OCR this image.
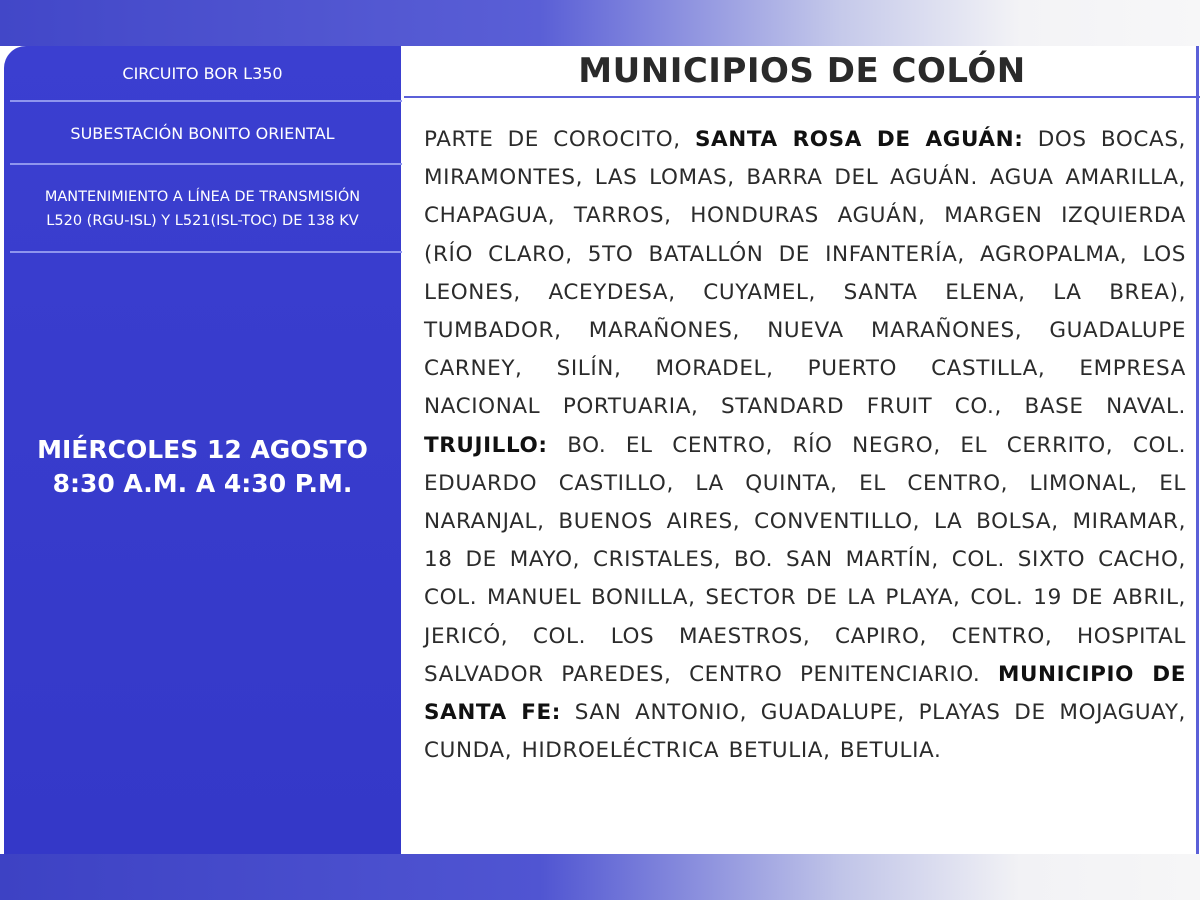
CIRCUITO BOR L350
SUBESTACIÓN BONITO ORIENTAL
MANTENIMIENTO A LÍNEA DE TRANSMISIÓN L520 (RGU-ISL) Y L521(ISL-TOC) DE 138 KV
MIÉRCOLES 12 AGOSTO
8:30 A.M. A 4:30 P.M.
MUNICIPIOS DE COLÓN
PARTE DE COROCITO, SANTA ROSA DE AGUÁN: DOS BOCAS, MIRAMONTES, LAS LOMAS, BARRA DEL AGUÁN. AGUA AMARILLA, CHAPAGUA, TARROS, HONDURAS AGUÁN, MARGEN IZQUIERDA (RÍO CLARO, 5TO BATALLÓN DE INFANTERÍA, AGROPALMA, LOS LEONES, ACEYDESA, CUYAMEL, SANTA ELENA, LA BREA), TUMBADOR, MARAÑONES, NUEVA MARAÑONES, GUADALUPE CARNEY, SILÍN, MORADEL, PUERTO CASTILLA, EMPRESA NACIONAL PORTUARIA, STANDARD FRUIT CO., BASE NAVAL. TRUJILLO: BO. EL CENTRO, RÍO NEGRO, EL CERRITO, COL. EDUARDO CASTILLO, LA QUINTA, EL CENTRO, LIMONAL, EL NARANJAL, BUENOS AIRES, CONVENTILLO, LA BOLSA, MIRAMAR, 18 DE MAYO, CRISTALES, BO. SAN MARTÍN, COL. SIXTO CACHO, COL. MANUEL BONILLA, SECTOR DE LA PLAYA, COL. 19 DE ABRIL, JERICÓ, COL. LOS MAESTROS, CAPIRO, CENTRO, HOSPITAL SALVADOR PAREDES, CENTRO PENITENCIARIO. MUNICIPIO DE SANTA FE: SAN ANTONIO, GUADALUPE, PLAYAS DE MOJAGUAY, CUNDA, HIDROELÉCTRICA BETULIA, BETULIA.
